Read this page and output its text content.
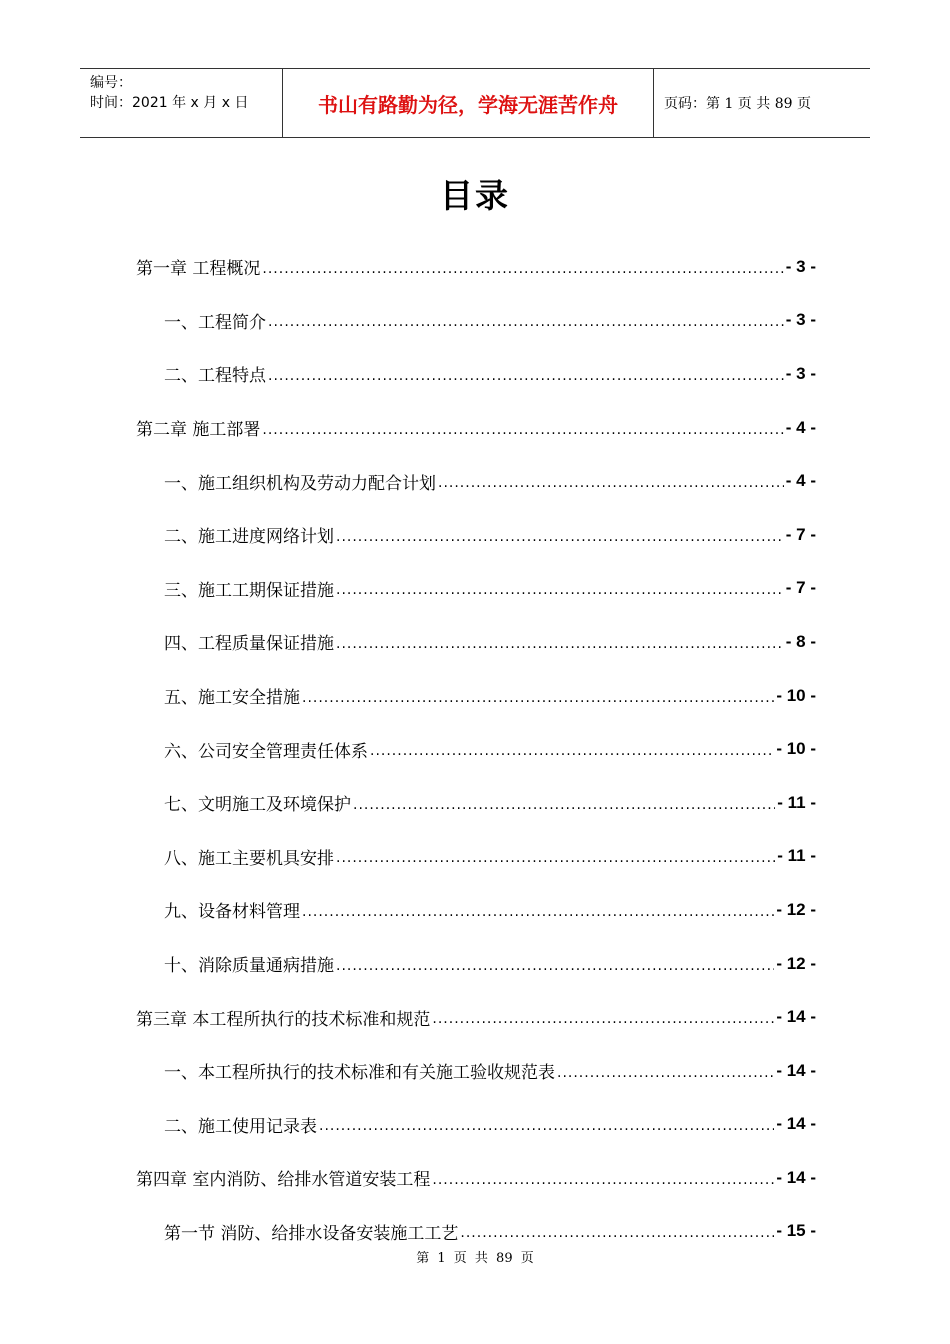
编号：
时间：2021 年 x 月 x 日	书山有路勤为径，学海无涯苦作舟	页码：第 1 页 共 89 页
目录
第一章 工程概况 .....	- 3 -
一、工程简介 .....	- 3 -
二、工程特点 .....	- 3 -
第二章 施工部署 .....	- 4 -
一、施工组织机构及劳动力配合计划 .....	- 4 -
二、施工进度网络计划 .....	- 7 -
三、施工工期保证措施 .....	- 7 -
四、工程质量保证措施 .....	- 8 -
五、施工安全措施 .....	- 10 -
六、公司安全管理责任体系 .....	- 10 -
七、文明施工及环境保护 .....	- 11 -
八、施工主要机具安排 .....	- 11 -
九、设备材料管理 .....	- 12 -
十、消除质量通病措施 .....	- 12 -
第三章 本工程所执行的技术标准和规范 .....	- 14 -
一、本工程所执行的技术标准和有关施工验收规范表 .....	- 14 -
二、施工使用记录表 .....	- 14 -
第四章 室内消防、给排水管道安装工程 .....	- 14 -
第一节 消防、给排水设备安装施工工艺 .....	- 15 -
第 1 页 共 89 页
